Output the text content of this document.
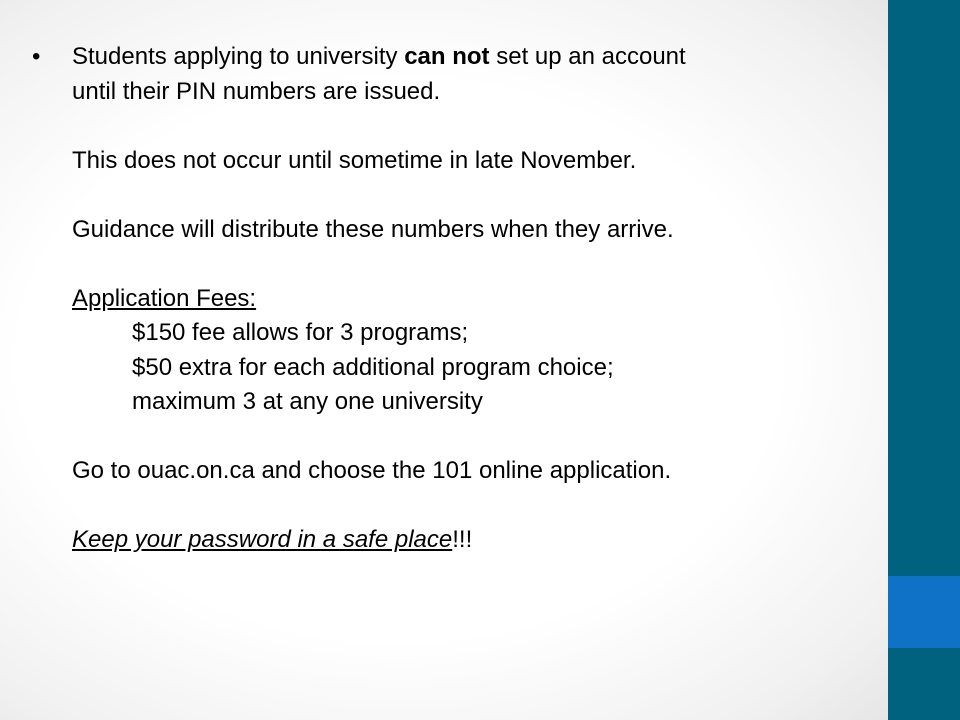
• Students applying to university can not set up an account
until their PIN numbers are issued.
This does not occur until sometime in late November.
Guidance will distribute these numbers when they arrive.
Application Fees:
$150 fee allows for 3 programs;
$50 extra for each additional program choice;
maximum 3 at any one university
Go to ouac.on.ca and choose the 101 online application.
Keep your password in a safe place!!!
